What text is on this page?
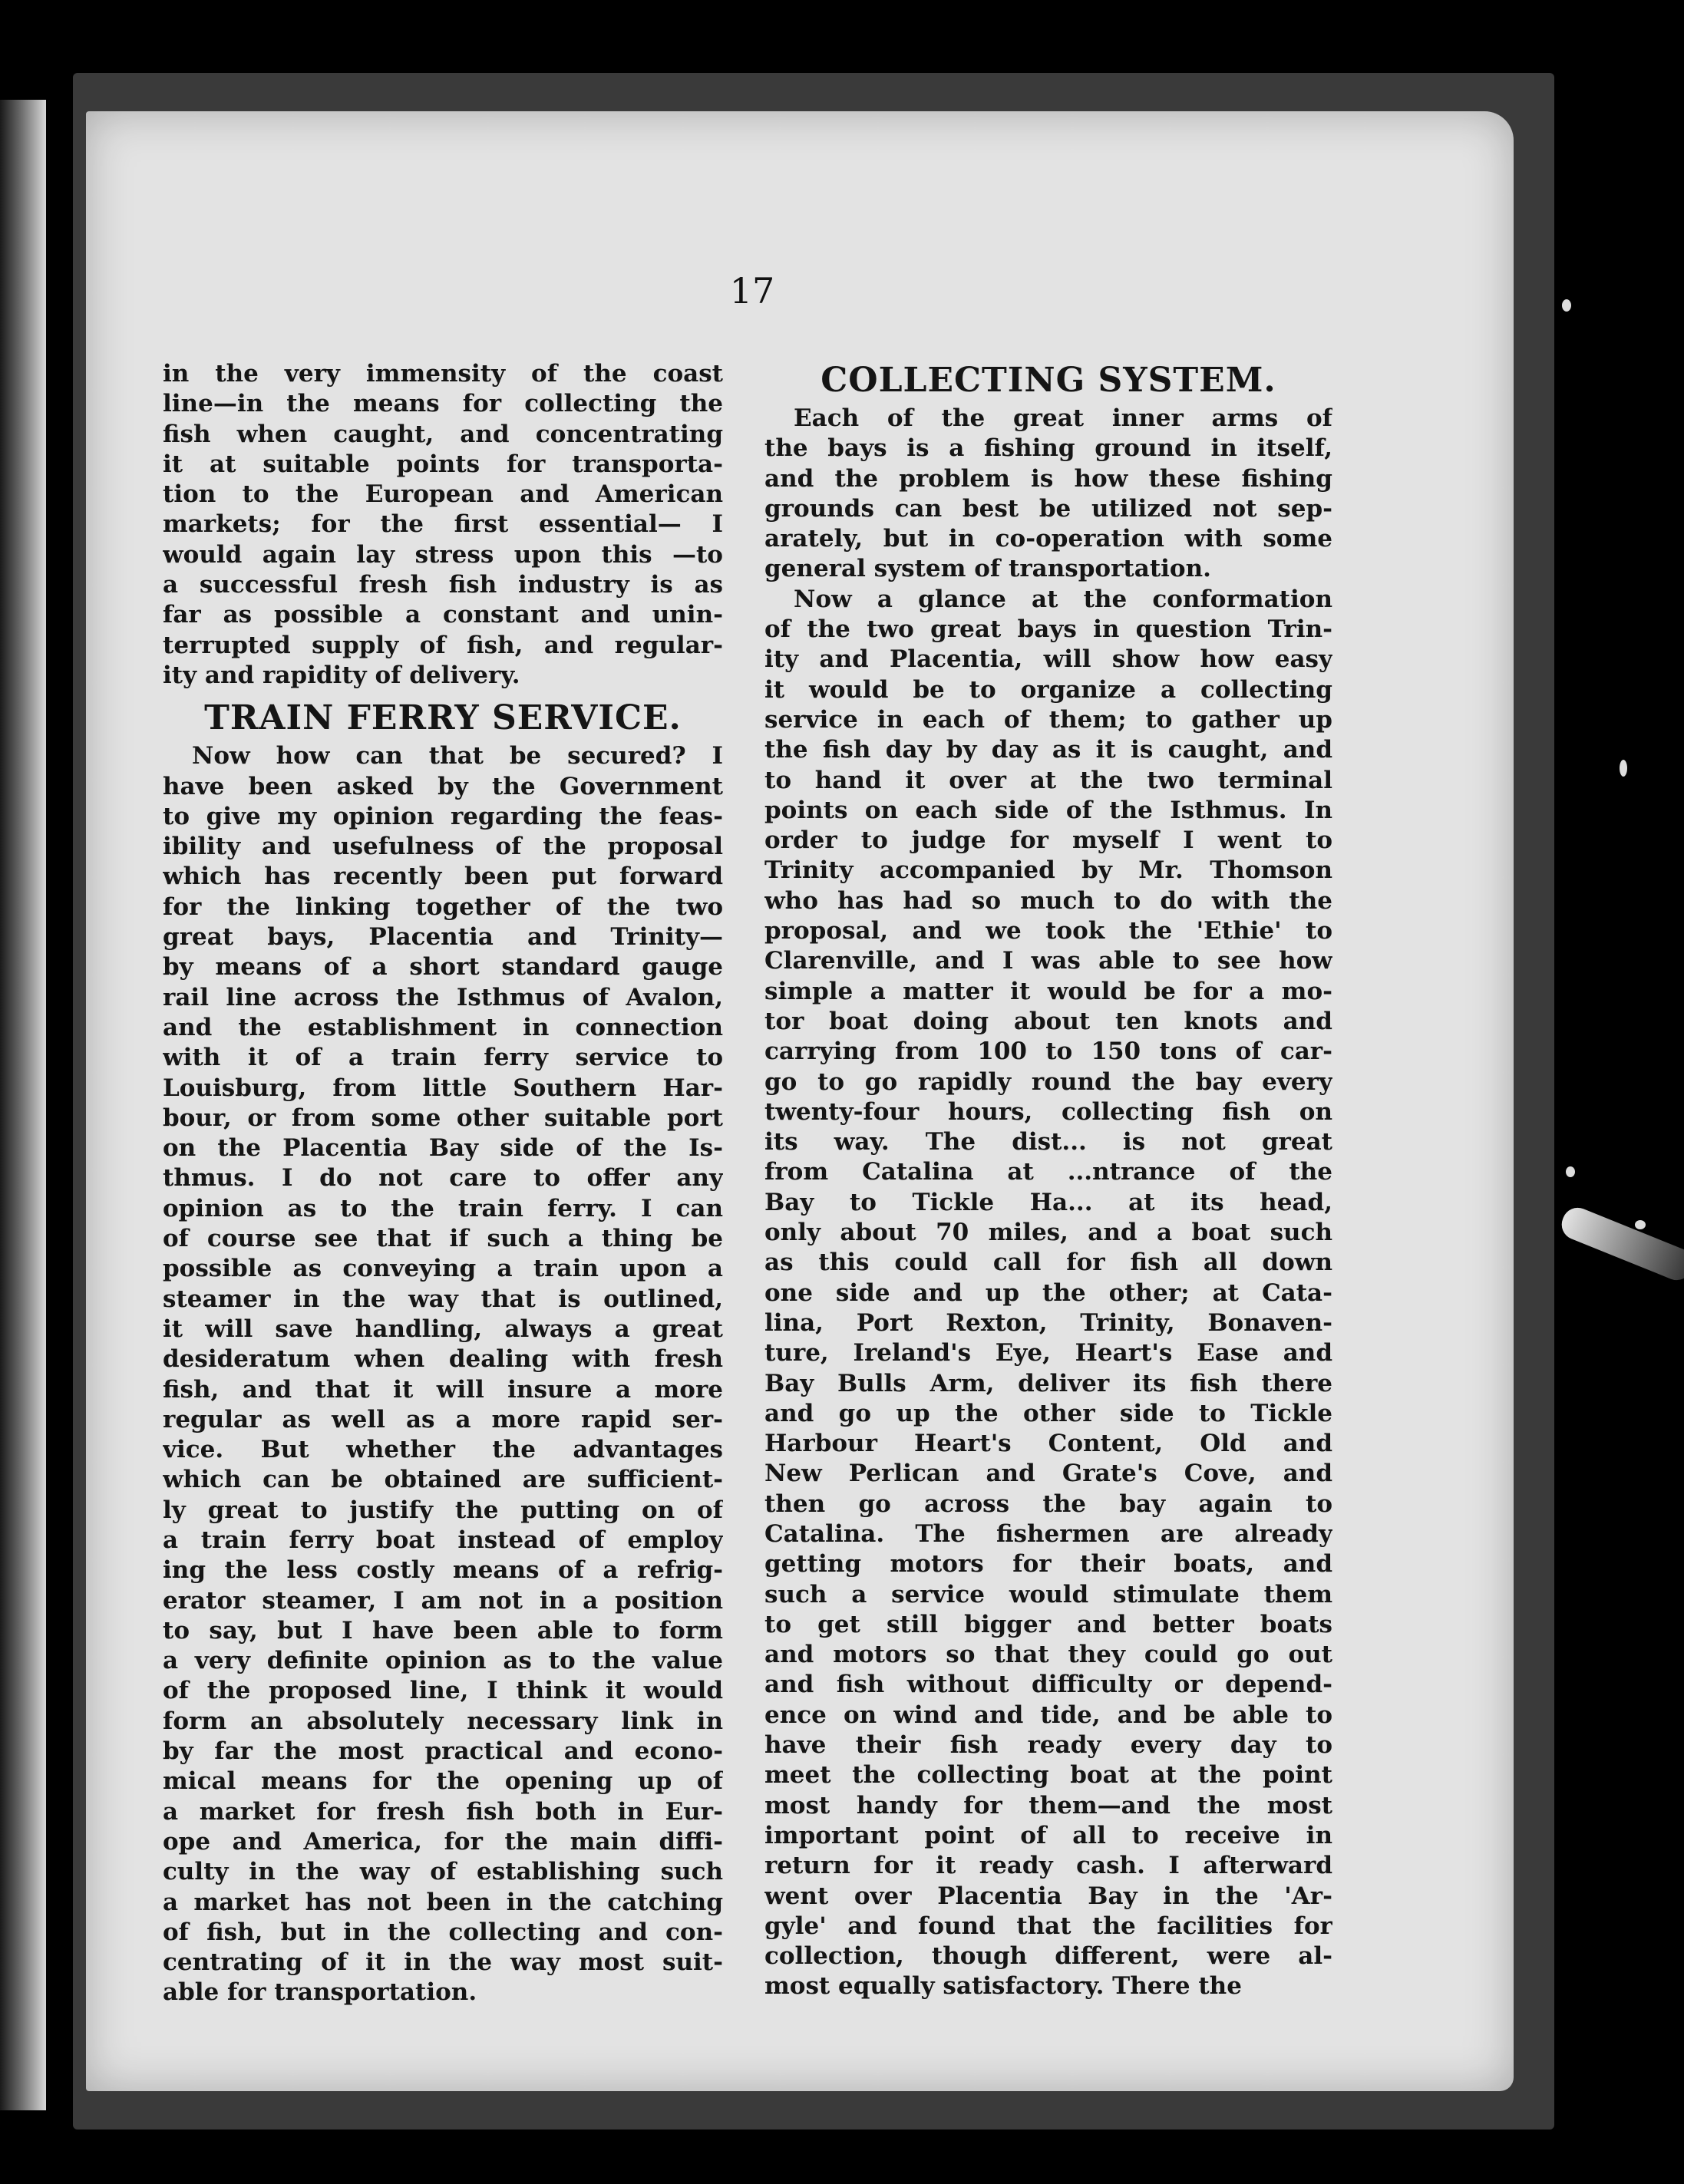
17
in the very immensity of the coast
line—in the means for collecting the
fish when caught, and concentrating
it at suitable points for transporta-
tion to the European and American
markets; for the first essential— I
would again lay stress upon this —to
a successful fresh fish industry is as
far as possible a constant and unin-
terrupted supply of fish, and regular-
ity and rapidity of delivery.
TRAIN FERRY SERVICE.
Now how can that be secured? I
have been asked by the Government
to give my opinion regarding the feas-
ibility and usefulness of the proposal
which has recently been put forward
for the linking together of the two
great bays, Placentia and Trinity—
by means of a short standard gauge
rail line across the Isthmus of Avalon,
and the establishment in connection
with it of a train ferry service to
Louisburg, from little Southern Har-
bour, or from some other suitable port
on the Placentia Bay side of the Is-
thmus. I do not care to offer any
opinion as to the train ferry. I can
of course see that if such a thing be
possible as conveying a train upon a
steamer in the way that is outlined,
it will save handling, always a great
desideratum when dealing with fresh
fish, and that it will insure a more
regular as well as a more rapid ser-
vice. But whether the advantages
which can be obtained are sufficient-
ly great to justify the putting on of
a train ferry boat instead of employ
ing the less costly means of a refrig-
erator steamer, I am not in a position
to say, but I have been able to form
a very definite opinion as to the value
of the proposed line, I think it would
form an absolutely necessary link in
by far the most practical and econo-
mical means for the opening up of
a market for fresh fish both in Eur-
ope and America, for the main diffi-
culty in the way of establishing such
a market has not been in the catching
of fish, but in the collecting and con-
centrating of it in the way most suit-
able for transportation.
COLLECTING SYSTEM.
Each of the great inner arms of
the bays is a fishing ground in itself,
and the problem is how these fishing
grounds can best be utilized not sep-
arately, but in co-operation with some
general system of transportation.
Now a glance at the conformation
of the two great bays in question Trin-
ity and Placentia, will show how easy
it would be to organize a collecting
service in each of them; to gather up
the fish day by day as it is caught, and
to hand it over at the two terminal
points on each side of the Isthmus. In
order to judge for myself I went to
Trinity accompanied by Mr. Thomson
who has had so much to do with the
proposal, and we took the 'Ethie' to
Clarenville, and I was able to see how
simple a matter it would be for a mo-
tor boat doing about ten knots and
carrying from 100 to 150 tons of car-
go to go rapidly round the bay every
twenty-four hours, collecting fish on
its way. The dist... is not great
from Catalina at ...ntrance of the
Bay to Tickle Ha... at its head,
only about 70 miles, and a boat such
as this could call for fish all down
one side and up the other; at Cata-
lina, Port Rexton, Trinity, Bonaven-
ture, Ireland's Eye, Heart's Ease and
Bay Bulls Arm, deliver its fish there
and go up the other side to Tickle
Harbour Heart's Content, Old and
New Perlican and Grate's Cove, and
then go across the bay again to
Catalina. The fishermen are already
getting motors for their boats, and
such a service would stimulate them
to get still bigger and better boats
and motors so that they could go out
and fish without difficulty or depend-
ence on wind and tide, and be able to
have their fish ready every day to
meet the collecting boat at the point
most handy for them—and the most
important point of all to receive in
return for it ready cash. I afterward
went over Placentia Bay in the 'Ar-
gyle' and found that the facilities for
collection, though different, were al-
most equally satisfactory. There the
